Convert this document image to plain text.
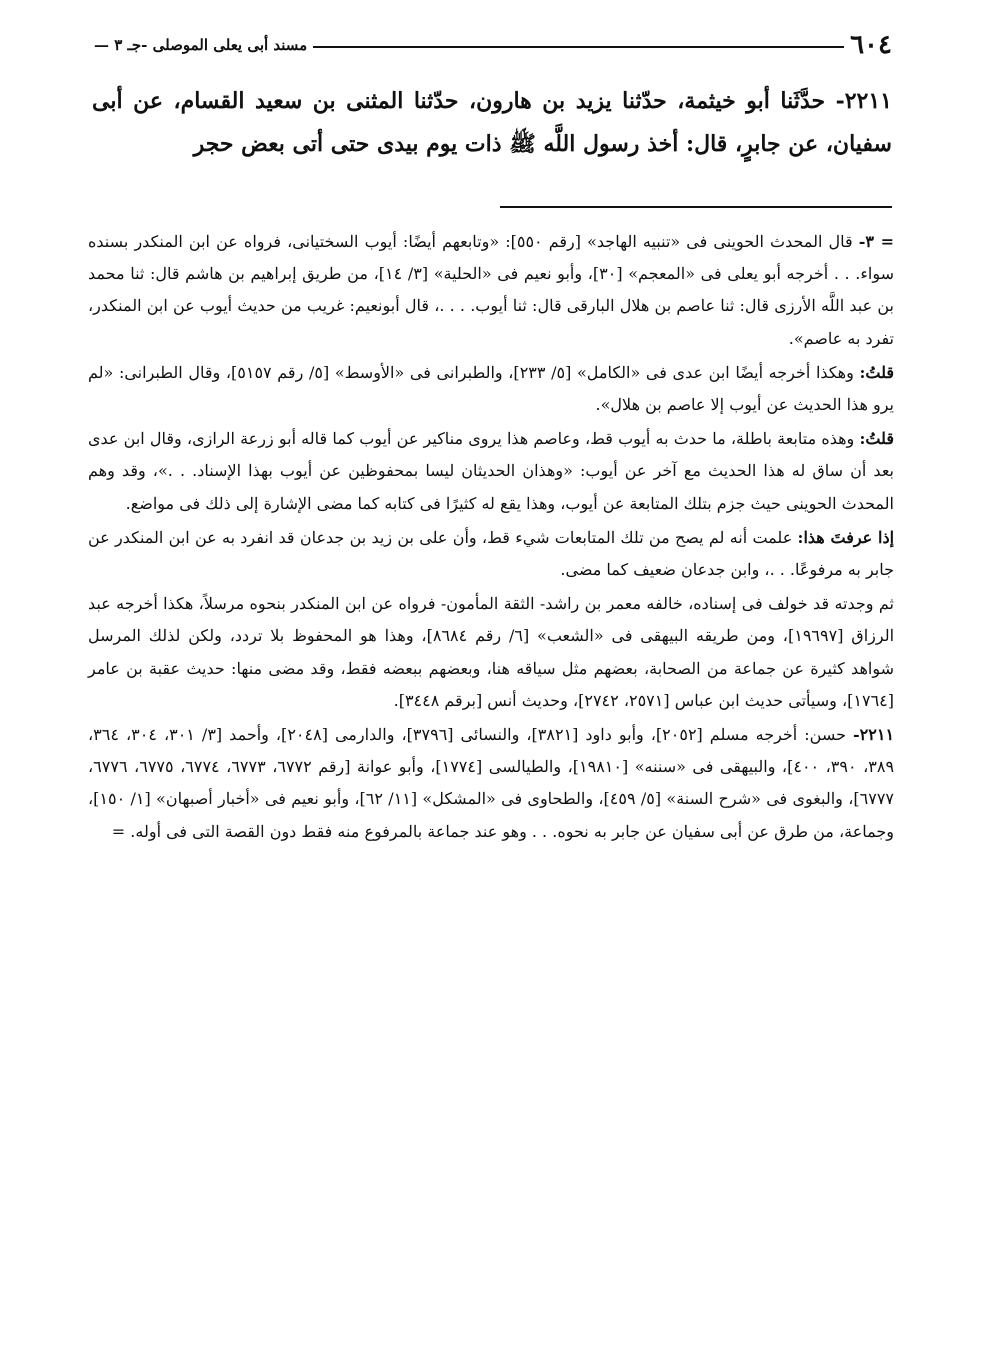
٦٠٤
مسند أبى يعلى الموصلى -جـ ٣ —
٢٢١١- حدَّثَنا أبو خيثمة، حدّثنا يزيد بن هارون، حدّثنا المثنى بن سعيد القسام، عن أبى سفيان، عن جابرٍ، قال: أخذ رسول اللَّه ﷺ ذات يوم بيدى حتى أتى بعض حجر

= ٣- قال المحدث الحوينى فى «تنبيه الهاجد» [رقم ٥٥٠]: «وتابعهم أيضًا: أيوب السختيانى، فرواه عن ابن المنكدر بسنده سواء. . . أخرجه أبو يعلى فى «المعجم» [٣٠]، وأبو نعيم فى «الحلية» [٣/ ١٤]، من طريق إبراهيم بن هاشم قال: ثنا محمد بن عبد اللَّه الأرزى قال: ثنا عاصم بن هلال البارقى قال: ثنا أيوب. . . .، قال أبونعيم: غريب من حديث أيوب عن ابن المنكدر، تفرد به عاصم».

قلتُ: وهكذا أخرجه أيضًا ابن عدى فى «الكامل» [٥/ ٢٣٣]، والطبرانى فى «الأوسط» [٥/ رقم ٥١٥٧]، وقال الطبرانى: «لم يرو هذا الحديث عن أيوب إلا عاصم بن هلال».

قلتُ: وهذه متابعة باطلة، ما حدث به أيوب قط، وعاصم هذا يروى مناكير عن أيوب كما قاله أبو زرعة الرازى، وقال ابن عدى بعد أن ساق له هذا الحديث مع آخر عن أيوب: «وهذان الحديثان ليسا بمحفوظين عن أيوب بهذا الإسناد. . .»، وقد وهم المحدث الحوينى حيث جزم بتلك المتابعة عن أيوب، وهذا يقع له كثيرًا فى كتابه كما مضى الإشارة إلى ذلك فى مواضع.

إذا عرفتَ هذا: علمت أنه لم يصح من تلك المتابعات شيء قط، وأن على بن زيد بن جدعان قد انفرد به عن ابن المنكدر عن جابر به مرفوعًا. . .، وابن جدعان ضعيف كما مضى.

ثم وجدته قد خولف فى إسناده، خالفه معمر بن راشد- الثقة المأمون- فرواه عن ابن المنكدر بنحوه مرسلاً، هكذا أخرجه عبد الرزاق [١٩٦٩٧]، ومن طريقه البيهقى فى «الشعب» [٦/ رقم ٨٦٨٤]، وهذا هو المحفوظ بلا تردد، ولكن لذلك المرسل شواهد كثيرة عن جماعة من الصحابة، بعضهم مثل سياقه هنا، وبعضهم ببعضه فقط، وقد مضى منها: حديث عقبة بن عامر [١٧٦٤]، وسيأتى حديث ابن عباس [٢٥٧١، ٢٧٤٢]، وحديث أنس [برقم ٣٤٤٨].

٢٢١١- حسن: أخرجه مسلم [٢٠٥٢]، وأبو داود [٣٨٢١]، والنسائى [٣٧٩٦]، والدارمى [٢٠٤٨]، وأحمد [٣/ ٣٠١، ٣٠٤، ٣٦٤، ٣٨٩، ٣٩٠، ٤٠٠]، والبيهقى فى «سننه» [١٩٨١٠]، والطيالسى [١٧٧٤]، وأبو عوانة [رقم ٦٧٧٢، ٦٧٧٣، ٦٧٧٤، ٦٧٧٥، ٦٧٧٦، ٦٧٧٧]، والبغوى فى «شرح السنة» [٥/ ٤٥٩]، والطحاوى فى «المشكل» [١١/ ٦٢]، وأبو نعيم فى «أخبار أصبهان» [١/ ١٥٠]، وجماعة، من طرق عن أبى سفيان عن جابر به نحوه. . . وهو عند جماعة بالمرفوع منه فقط دون القصة التى فى أوله. =
